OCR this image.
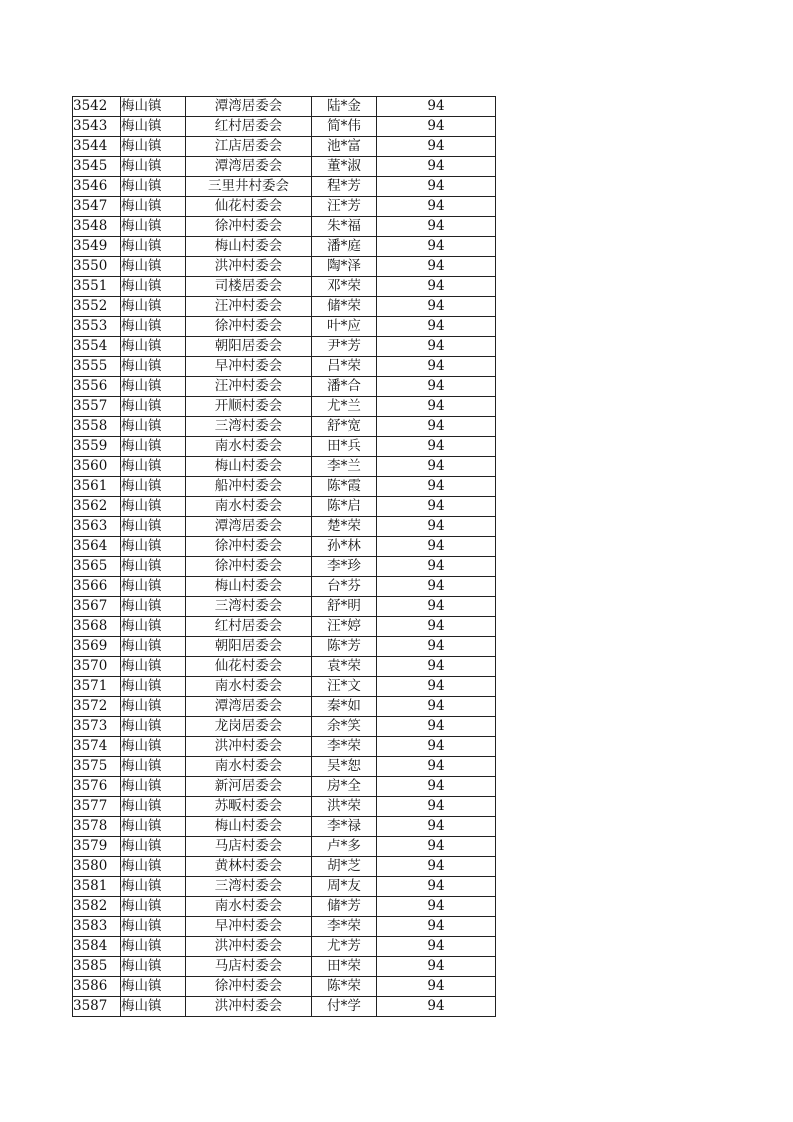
3542	梅山镇	潭湾居委会	陆*金	94
3543	梅山镇	红村居委会	简*伟	94
3544	梅山镇	江店居委会	池*富	94
3545	梅山镇	潭湾居委会	董*淑	94
3546	梅山镇	三里井村委会	程*芳	94
3547	梅山镇	仙花村委会	汪*芳	94
3548	梅山镇	徐冲村委会	朱*福	94
3549	梅山镇	梅山村委会	潘*庭	94
3550	梅山镇	洪冲村委会	陶*泽	94
3551	梅山镇	司楼居委会	邓*荣	94
3552	梅山镇	汪冲村委会	储*荣	94
3553	梅山镇	徐冲村委会	叶*应	94
3554	梅山镇	朝阳居委会	尹*芳	94
3555	梅山镇	早冲村委会	吕*荣	94
3556	梅山镇	汪冲村委会	潘*合	94
3557	梅山镇	开顺村委会	尤*兰	94
3558	梅山镇	三湾村委会	舒*宽	94
3559	梅山镇	南水村委会	田*兵	94
3560	梅山镇	梅山村委会	李*兰	94
3561	梅山镇	船冲村委会	陈*霞	94
3562	梅山镇	南水村委会	陈*启	94
3563	梅山镇	潭湾居委会	楚*荣	94
3564	梅山镇	徐冲村委会	孙*林	94
3565	梅山镇	徐冲村委会	李*珍	94
3566	梅山镇	梅山村委会	台*芬	94
3567	梅山镇	三湾村委会	舒*明	94
3568	梅山镇	红村居委会	汪*婷	94
3569	梅山镇	朝阳居委会	陈*芳	94
3570	梅山镇	仙花村委会	袁*荣	94
3571	梅山镇	南水村委会	汪*文	94
3572	梅山镇	潭湾居委会	秦*如	94
3573	梅山镇	龙岗居委会	余*笑	94
3574	梅山镇	洪冲村委会	李*荣	94
3575	梅山镇	南水村委会	吴*恕	94
3576	梅山镇	新河居委会	房*全	94
3577	梅山镇	苏畈村委会	洪*荣	94
3578	梅山镇	梅山村委会	李*禄	94
3579	梅山镇	马店村委会	卢*多	94
3580	梅山镇	黄林村委会	胡*芝	94
3581	梅山镇	三湾村委会	周*友	94
3582	梅山镇	南水村委会	储*芳	94
3583	梅山镇	早冲村委会	李*荣	94
3584	梅山镇	洪冲村委会	尤*芳	94
3585	梅山镇	马店村委会	田*荣	94
3586	梅山镇	徐冲村委会	陈*荣	94
3587	梅山镇	洪冲村委会	付*学	94
